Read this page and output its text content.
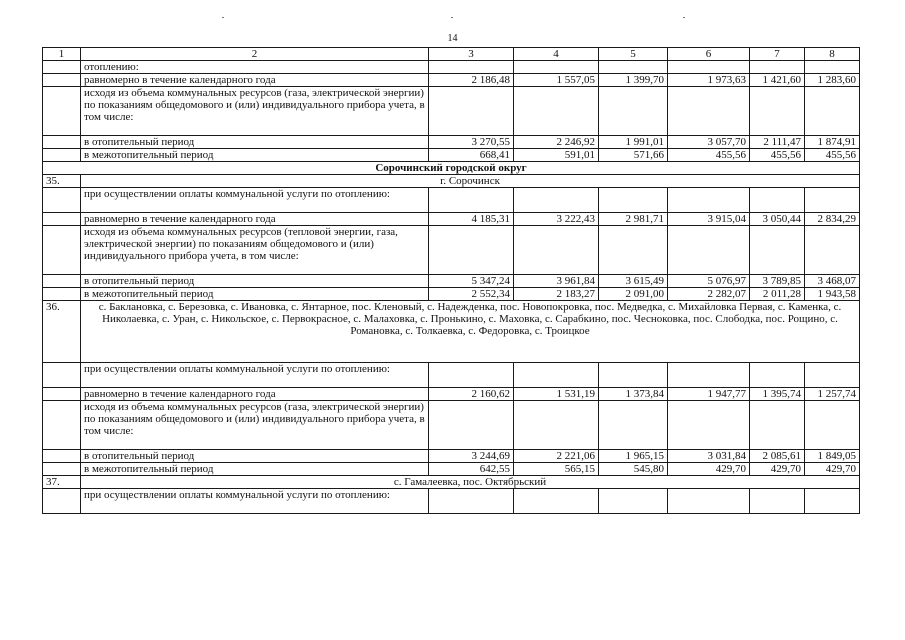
14
1	2	3	4	5	6	7	8
	отоплению:						
	равномерно в течение календарного года	2 186,48	1 557,05	1 399,70	1 973,63	1 421,60	1 283,60
	исходя из объема коммунальных ресурсов (газа, электрической энергии) по показаниям общедомового и (или) индивидуального прибора учета, в том числе:						
	в отопительный период	3 270,55	2 246,92	1 991,01	3 057,70	2 111,47	1 874,91
	в межотопительный период	668,41	591,01	571,66	455,56	455,56	455,56
Сорочинский городской округ							
35.	г. Сорочинск						
	при осуществлении оплаты коммунальной услуги по отоплению:						
	равномерно в течение календарного года	4 185,31	3 222,43	2 981,71	3 915,04	3 050,44	2 834,29
	исходя из объема коммунальных ресурсов (тепловой энергии, газа, электрической энергии) по показаниям общедомового и (или) индивидуального прибора учета, в том числе:						
	в отопительный период	5 347,24	3 961,84	3 615,49	5 076,97	3 789,85	3 468,07
	в межотопительный период	2 552,34	2 183,27	2 091,00	2 282,07	2 011,28	1 943,58
36.	с. Баклановка, с. Березовка, с. Ивановка, с. Янтарное, пос. Кленовый, с. Надежденка, пос. Новопокровка, пос. Медведка, с. Михайловка Первая, с. Каменка, с. Николаевка, с. Уран, с. Никольское, с. Первокрасное, с. Малаховка, с. Пронькино, с. Маховка, с. Сарабкино, пос. Чесноковка, пос. Слободка, пос. Рощино, с. Романовка, с. Толкаевка, с. Федоровка, с. Троицкое						
	при осуществлении оплаты коммунальной услуги по отоплению:						
	равномерно в течение календарного года	2 160,62	1 531,19	1 373,84	1 947,77	1 395,74	1 257,74
	исходя из объема коммунальных ресурсов (газа, электрической энергии) по показаниям общедомового и (или) индивидуального прибора учета, в том числе:						
	в отопительный период	3 244,69	2 221,06	1 965,15	3 031,84	2 085,61	1 849,05
	в межотопительный период	642,55	565,15	545,80	429,70	429,70	429,70
37.	с. Гамалеевка, пос. Октябрьский						
	при осуществлении оплаты коммунальной услуги по отоплению:						
